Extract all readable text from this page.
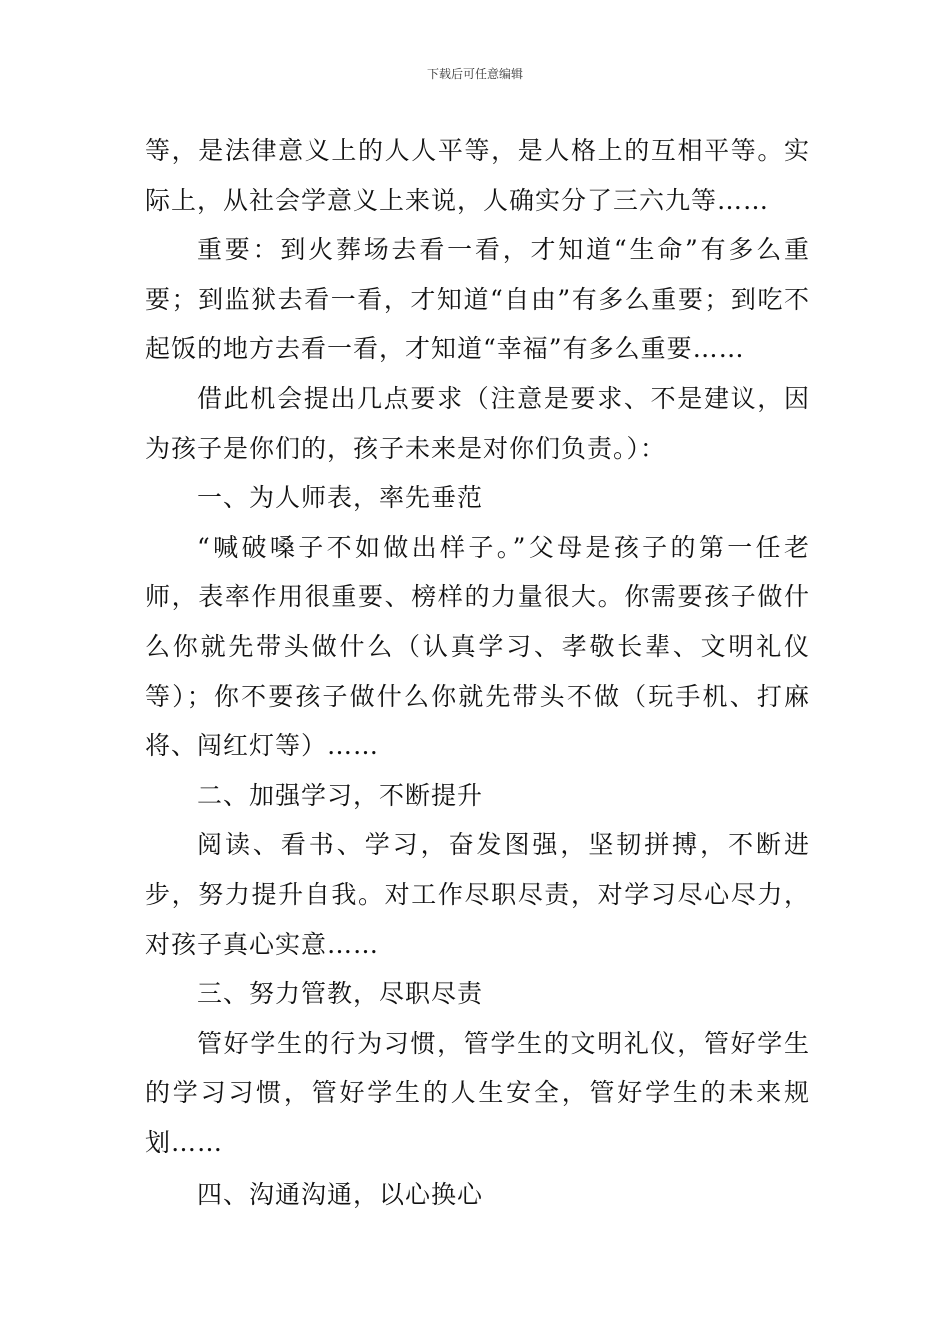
下载后可任意编辑

等，是法律意义上的人人平等，是人格上的互相平等。实际上，从社会学意义上来说，人确实分了三六九等……

重要：到火葬场去看一看，才知道“生命”有多么重要；到监狱去看一看，才知道“自由”有多么重要；到吃不起饭的地方去看一看，才知道“幸福”有多么重要……

借此机会提出几点要求（注意是要求、不是建议，因为孩子是你们的，孩子未来是对你们负责。）：

一、为人师表，率先垂范

“喊破嗓子不如做出样子。”父母是孩子的第一任老师，表率作用很重要、榜样的力量很大。你需要孩子做什么你就先带头做什么（认真学习、孝敬长辈、文明礼仪等）；你不要孩子做什么你就先带头不做（玩手机、打麻将、闯红灯等）……

二、加强学习，不断提升

阅读、看书、学习，奋发图强，坚韧拼搏，不断进步，努力提升自我。对工作尽职尽责，对学习尽心尽力，对孩子真心实意……

三、努力管教，尽职尽责

管好学生的行为习惯，管学生的文明礼仪，管好学生的学习习惯，管好学生的人生安全，管好学生的未来规划……

四、沟通沟通，以心换心
